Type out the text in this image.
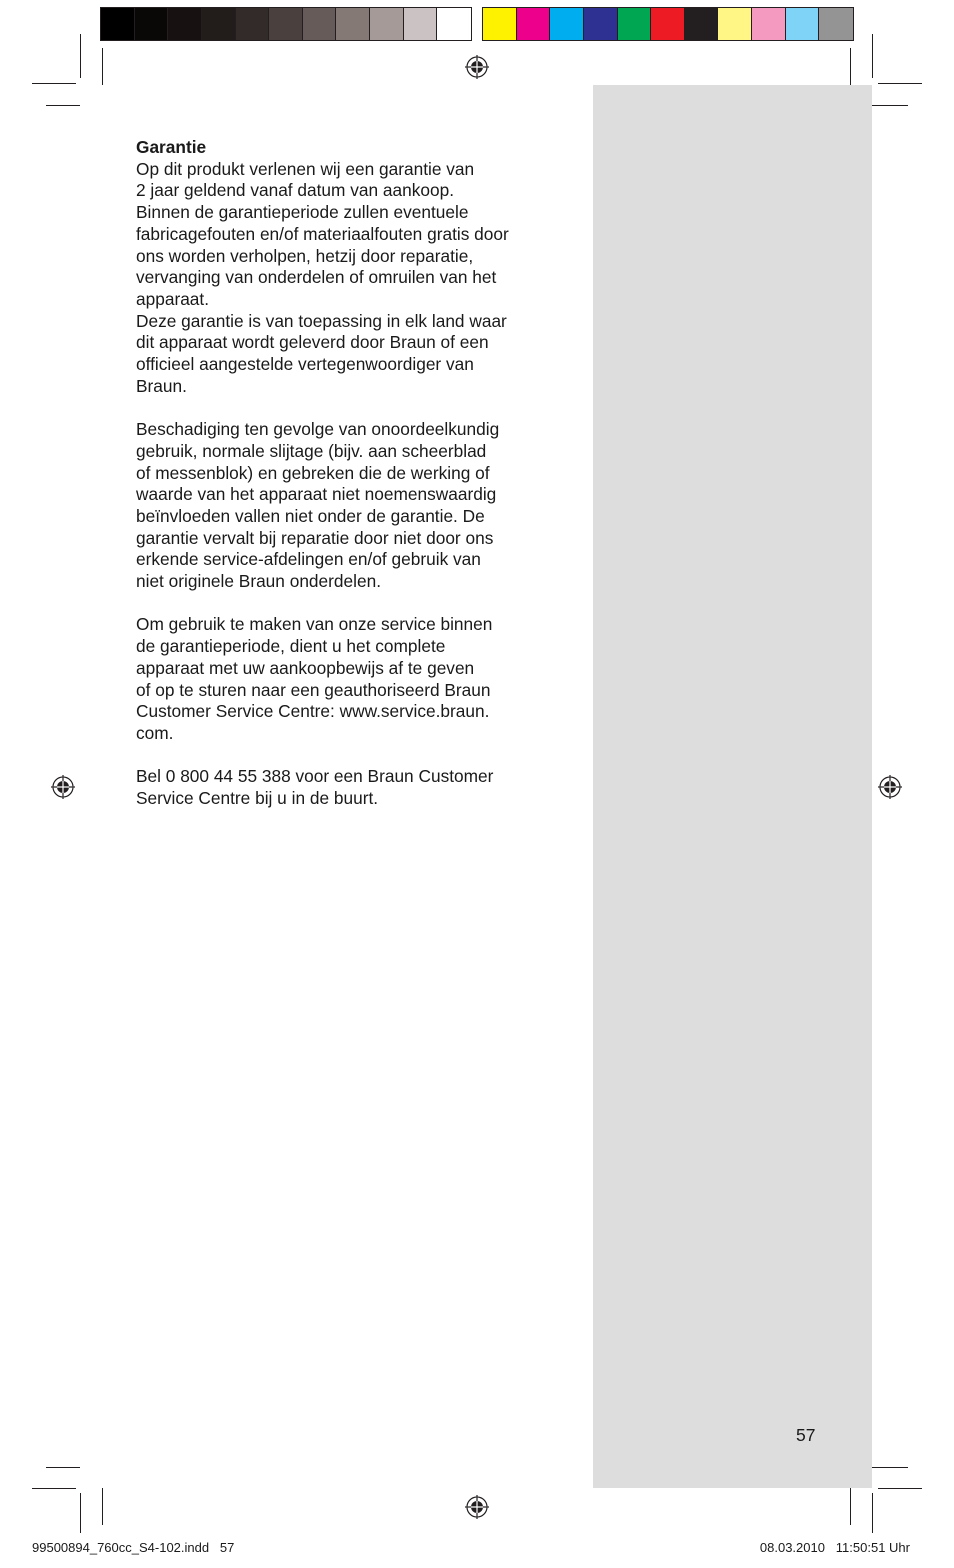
Garantie

Op dit produkt verlenen wij een garantie van
2 jaar geldend vanaf datum van aankoop.
Binnen de garantieperiode zullen eventuele
fabricagefouten en/of materiaalfouten gratis door
ons worden verholpen, hetzij door reparatie,
vervanging van onderdelen of omruilen van het
apparaat.
Deze garantie is van toepassing in elk land waar
dit apparaat wordt geleverd door Braun of een
officieel aangestelde vertegenwoordiger van
Braun.

Beschadiging ten gevolge van onoordeelkundig
gebruik, normale slijtage (bijv. aan scheerblad
of messenblok) en gebreken die de werking of
waarde van het apparaat niet noemenswaardig
beïnvloeden vallen niet onder de garantie. De
garantie vervalt bij reparatie door niet door ons
erkende service-afdelingen en/of gebruik van
niet originele Braun onderdelen.

Om gebruik te maken van onze service binnen
de garantieperiode, dient u het complete
apparaat met uw aankoopbewijs af te geven
of op te sturen naar een geauthoriseerd Braun
Customer Service Centre: www.service.braun.
com.

Bel 0 800 44 55 388 voor een Braun Customer
Service Centre bij u in de buurt.

57
99500894_760cc_S4-102.indd   57	08.03.2010   11:50:51 Uhr
